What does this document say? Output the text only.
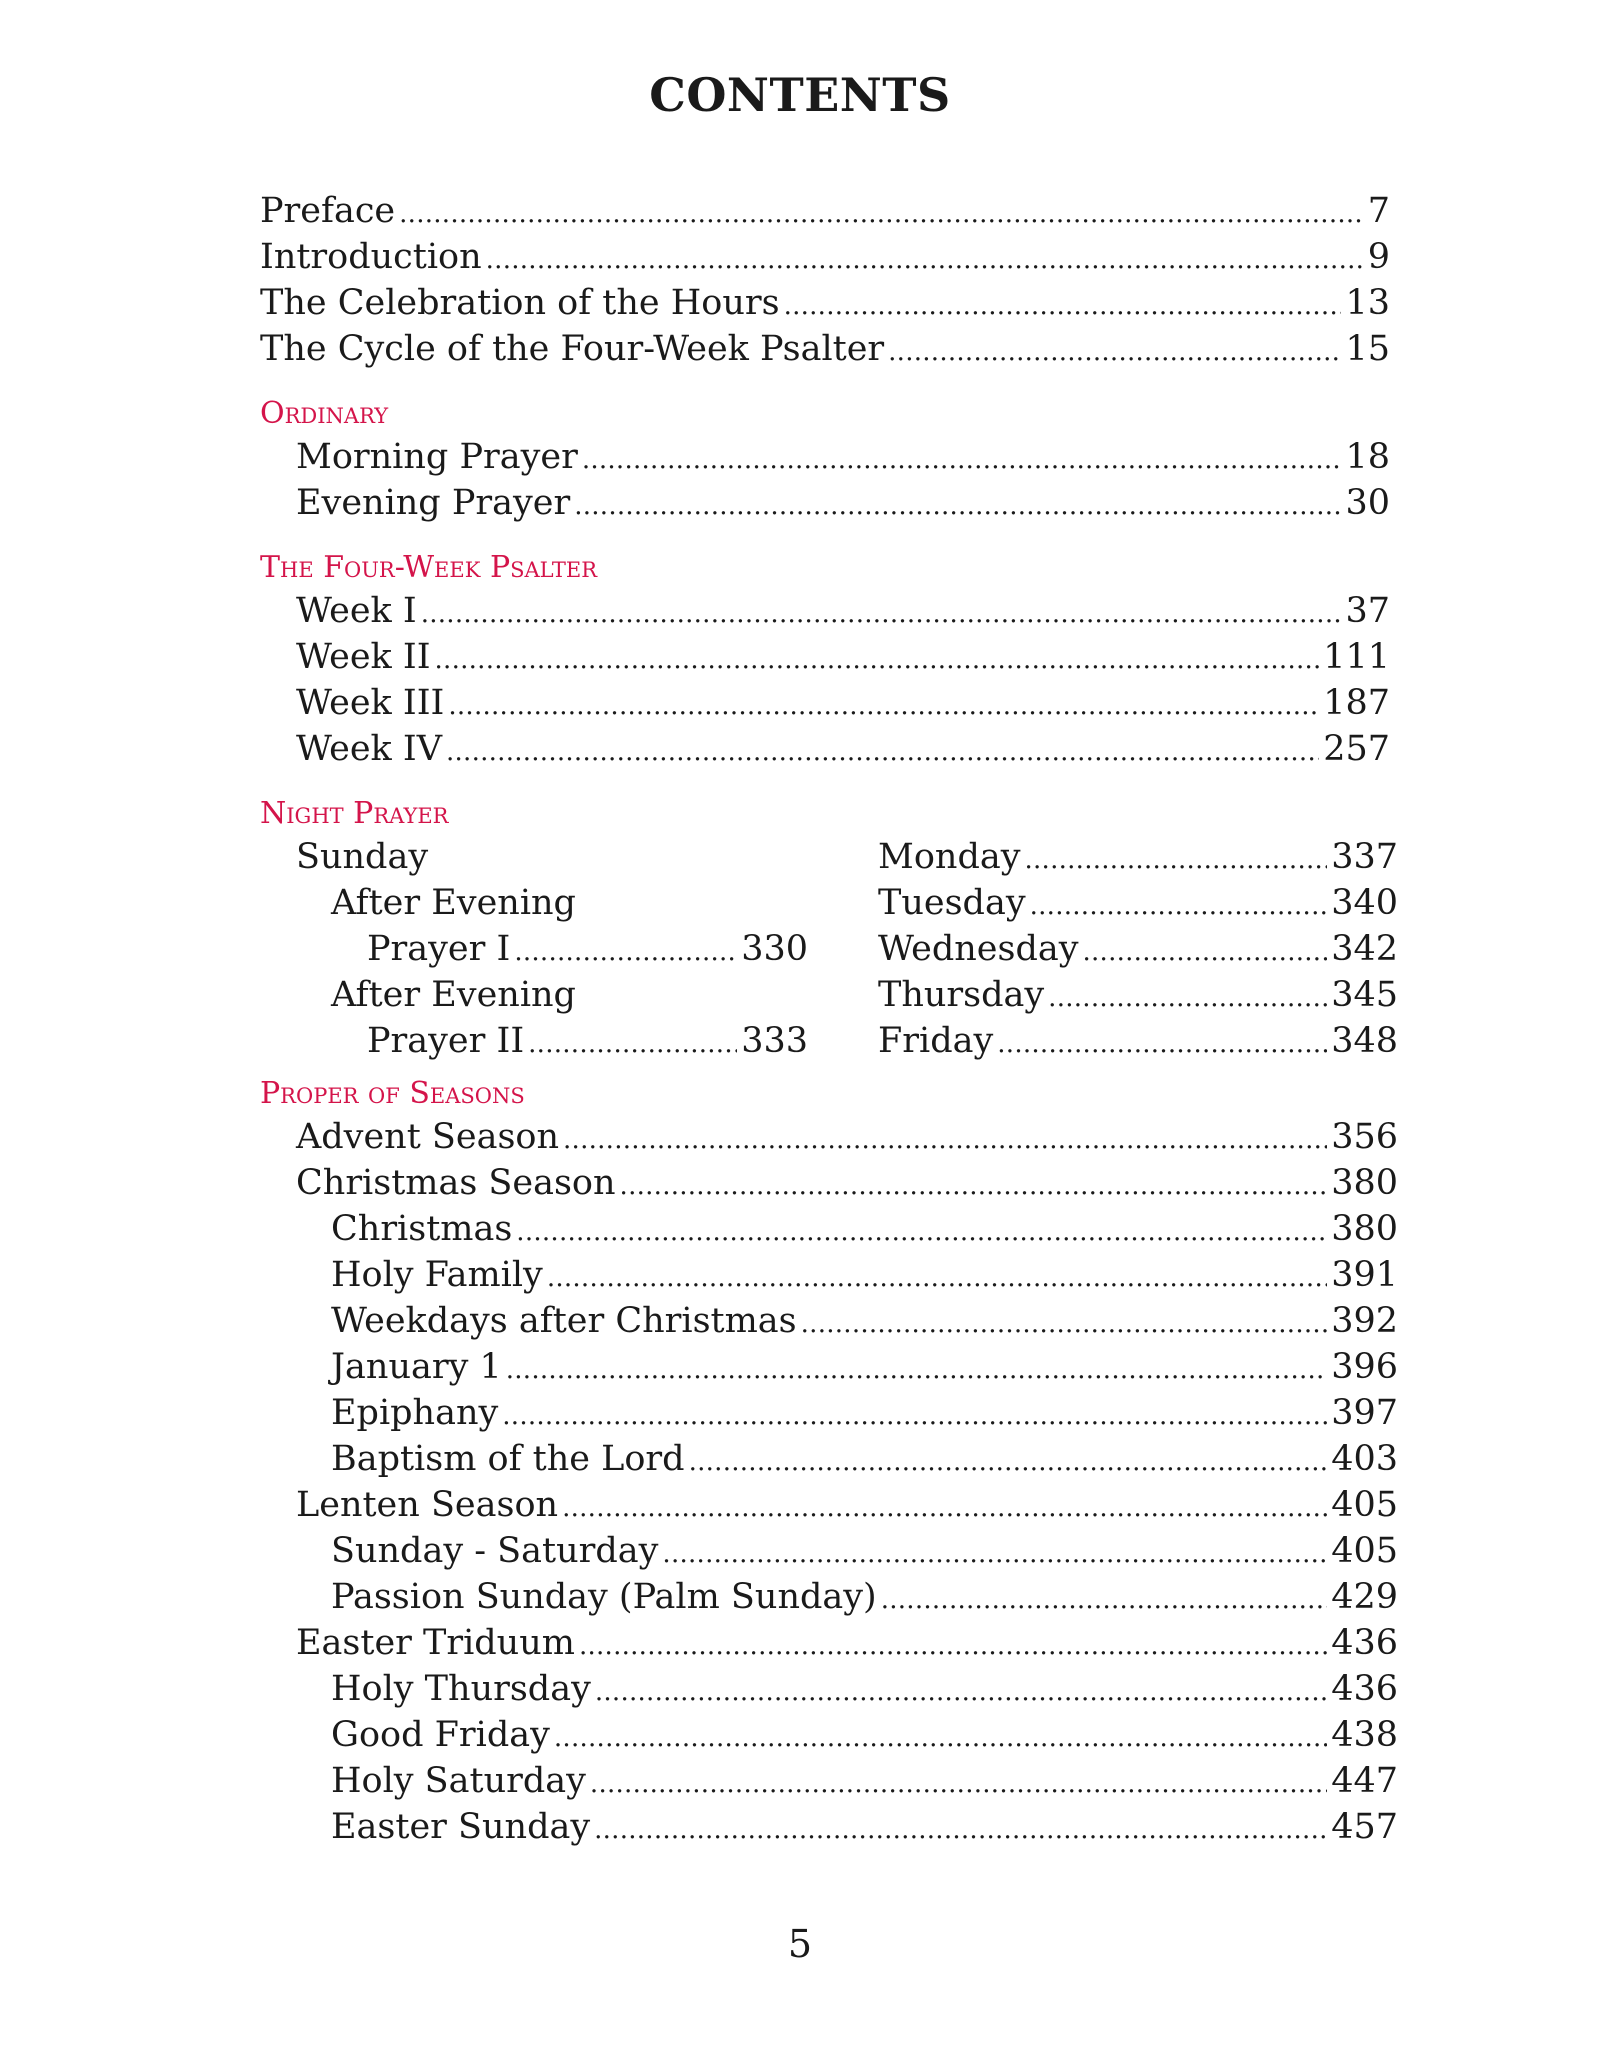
CONTENTS
Preface . . .	7
Introduction . . .	9
The Celebration of the Hours . . .	13
The Cycle of the Four-Week Psalter . . .	15
Ordinary
Morning Prayer . . .	18
Evening Prayer . . .	30
The Four-Week Psalter
Week I . . .	37
Week II . . .	111
Week III . . .	187
Week IV . . .	257
Night Prayer
Sunday
After Evening
Prayer I . . .	330
After Evening
Prayer II . . .	333
Monday . . .	337
Tuesday . . .	340
Wednesday . . .	342
Thursday . . .	345
Friday . . .	348
Proper of Seasons
Advent Season . . .	356
Christmas Season . . .	380
Christmas . . .	380
Holy Family . . .	391
Weekdays after Christmas . . .	392
January 1 . . .	396
Epiphany . . .	397
Baptism of the Lord . . .	403
Lenten Season . . .	405
Sunday - Saturday . . .	405
Passion Sunday (Palm Sunday) . . .	429
Easter Triduum . . .	436
Holy Thursday . . .	436
Good Friday . . .	438
Holy Saturday . . .	447
Easter Sunday . . .	457
5
